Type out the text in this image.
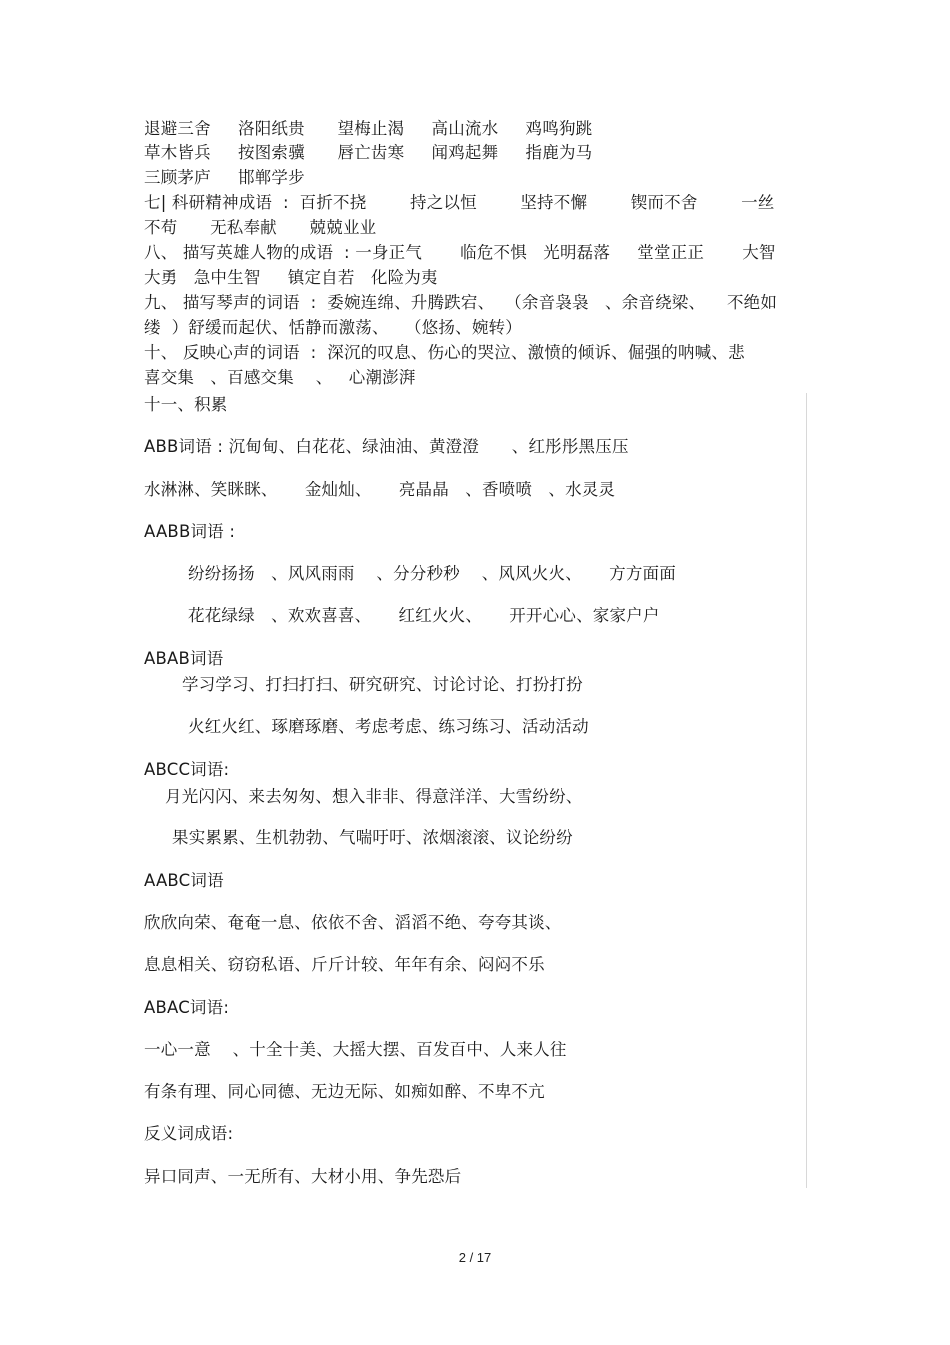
退避三舍     洛阳纸贵      望梅止渴     高山流水     鸡鸣狗跳
草木皆兵     按图索骥      唇亡齿寒     闻鸡起舞     指鹿为马
三顾茅庐     邯郸学步
七| 科研精神成语  :  百折不挠        持之以恒        坚持不懈        锲而不舍        一丝
不苟      无私奉献      兢兢业业
八、 描写英雄人物的成语  : 一身正气       临危不惧   光明磊落     堂堂正正       大智
大勇   急中生智     镇定自若   化险为夷
九、 描写琴声的词语  :  委婉连绵、升腾跌宕、  （余音袅袅   、余音绕梁、    不绝如
缕  ）舒缓而起伏、恬静而激荡、   （悠扬、婉转）
十、 反映心声的词语  :  深沉的叹息、伤心的哭泣、激愤的倾诉、倔强的呐喊、悲
喜交集   、百感交集    、   心潮澎湃
十一、积累
ABB词语 : 沉甸甸、白花花、绿油油、黄澄澄      、红彤彤黑压压
水淋淋、笑眯眯、     金灿灿、     亮晶晶   、香喷喷   、水灵灵
AABB词语 :
纷纷扬扬   、风风雨雨    、分分秒秒    、风风火火、     方方面面
花花绿绿   、欢欢喜喜、     红红火火、     开开心心、家家户户
ABAB词语
学习学习、打扫打扫、研究研究、讨论讨论、打扮打扮
火红火红、琢磨琢磨、考虑考虑、练习练习、活动活动
ABCC词语:
月光闪闪、来去匆匆、想入非非、得意洋洋、大雪纷纷、
果实累累、生机勃勃、气喘吁吁、浓烟滚滚、议论纷纷
AABC词语
欣欣向荣、奄奄一息、依依不舍、滔滔不绝、夸夸其谈、
息息相关、窃窃私语、斤斤计较、年年有余、闷闷不乐
ABAC词语:
一心一意    、十全十美、大摇大摆、百发百中、人来人往
有条有理、同心同德、无边无际、如痴如醉、不卑不亢
反义词成语:
异口同声、一无所有、大材小用、争先恐后
2 / 17
